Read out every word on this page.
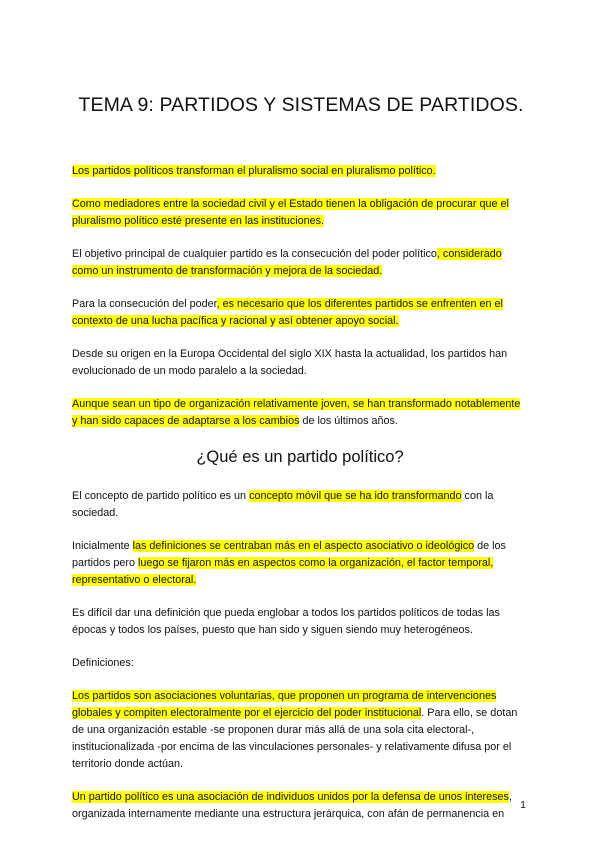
TEMA 9: PARTIDOS Y SISTEMAS DE PARTIDOS.

Los partidos políticos transforman el pluralismo social en pluralismo político.

Como mediadores entre la sociedad civil y el Estado tienen la obligación de procurar que el pluralismo político esté presente en las instituciones.

El objetivo principal de cualquier partido es la consecución del poder político, considerado como un instrumento de transformación y mejora de la sociedad.

Para la consecución del poder, es necesario que los diferentes partidos se enfrenten en el contexto de una lucha pacífica y racional y así obtener apoyo social.

Desde su origen en la Europa Occidental del siglo XIX hasta la actualidad, los partidos han evolucionado de un modo paralelo a la sociedad.

Aunque sean un tipo de organización relativamente joven, se han transformado notablemente y han sido capaces de adaptarse a los cambios de los últimos años.

¿Qué es un partido político?

El concepto de partido político es un concepto móvil que se ha ido transformando con la sociedad.

Inicialmente las definiciones se centraban más en el aspecto asociativo o ideológico de los partidos pero luego se fijaron más en aspectos como la organización, el factor temporal, representativo o electoral.

Es difícil dar una definición que pueda englobar a todos los partidos políticos de todas las épocas y todos los países, puesto que han sido y siguen siendo muy heterogéneos.

Definiciones:

Los partidos son asociaciones voluntarias, que proponen un programa de intervenciones globales y compiten electoralmente por el ejercicio del poder institucional. Para ello, se dotan de una organización estable -se proponen durar más allá de una sola cita electoral-, institucionalizada -por encima de las vinculaciones personales- y relativamente difusa por el territorio donde actúan.

Un partido político es una asociación de individuos unidos por la defensa de unos intereses, organizada internamente mediante una estructura jerárquica, con afán de permanencia en

1
